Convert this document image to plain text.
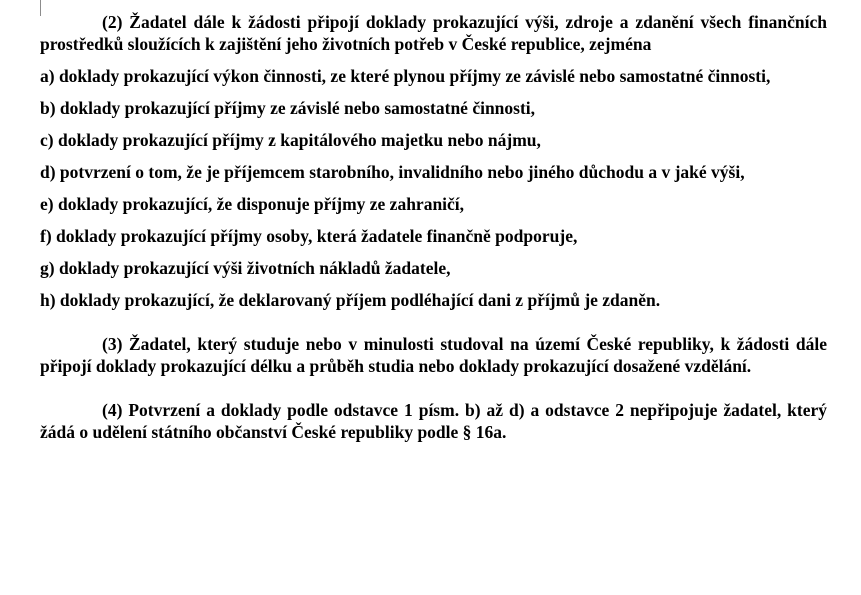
(2) Žadatel dále k žádosti připojí doklady prokazující výši, zdroje a zdanění všech finančních prostředků sloužících k zajištění jeho životních potřeb v České republice, zejména

a) doklady prokazující výkon činnosti, ze které plynou příjmy ze závislé nebo samostatné činnosti,

b) doklady prokazující příjmy ze závislé nebo samostatné činnosti,

c) doklady prokazující příjmy z kapitálového majetku nebo nájmu,

d) potvrzení o tom, že je příjemcem starobního, invalidního nebo jiného důchodu a v jaké výši,

e) doklady prokazující, že disponuje příjmy ze zahraničí,

f) doklady prokazující příjmy osoby, která žadatele finančně podporuje,

g) doklady prokazující výši životních nákladů žadatele,

h) doklady prokazující, že deklarovaný příjem podléhající dani z příjmů je zdaněn.

(3) Žadatel, který studuje nebo v minulosti studoval na území České republiky, k žádosti dále připojí doklady prokazující délku a průběh studia nebo doklady prokazující dosažené vzdělání.

(4) Potvrzení a doklady podle odstavce 1 písm. b) až d) a odstavce 2 nepřipojuje žadatel, který žádá o udělení státního občanství České republiky podle § 16a.
